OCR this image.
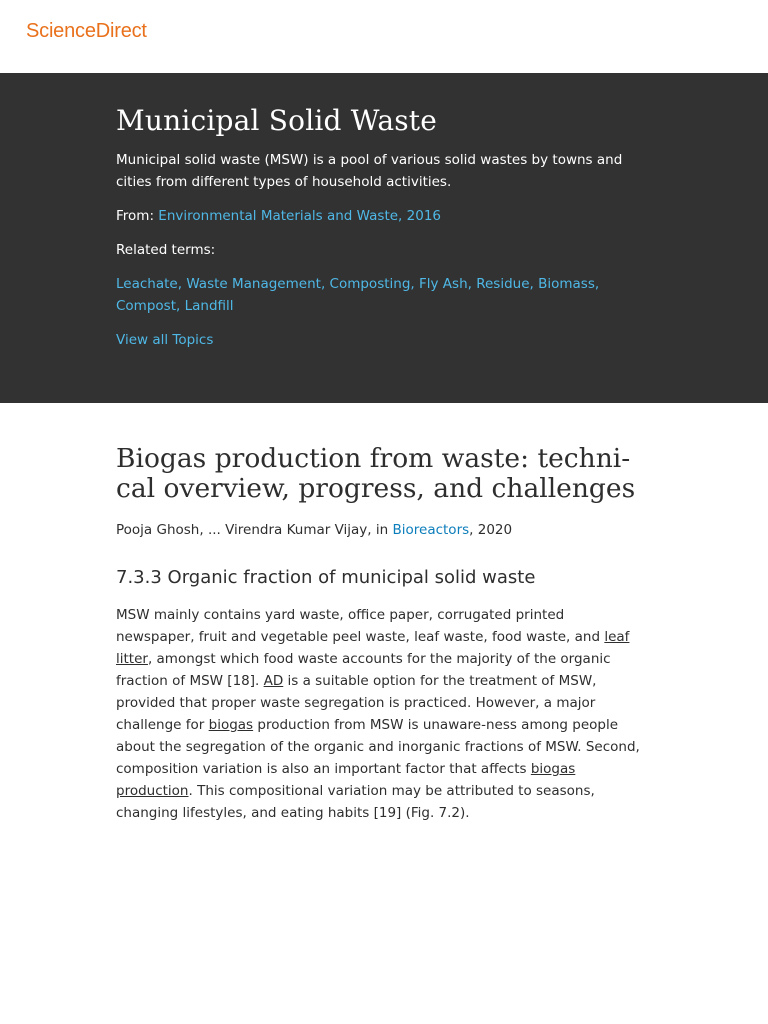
ScienceDirect
Municipal Solid Waste

Municipal solid waste (MSW) is a pool of various solid wastes by towns and cities from different types of household activities.

From: Environmental Materials and Waste, 2016

Related terms:

Leachate, Waste Management, Composting, Fly Ash, Residue, Biomass, Compost, Landfill

View all Topics

Biogas production from waste: techni-cal overview, progress, and challenges

Pooja Ghosh, ... Virendra Kumar Vijay, in Bioreactors, 2020

7.3.3 Organic fraction of municipal solid waste

MSW mainly contains yard waste, office paper, corrugated printed newspaper, fruit and vegetable peel waste, leaf waste, food waste, and leaf litter, amongst which food waste accounts for the majority of the organic fraction of MSW [18]. AD is a suitable option for the treatment of MSW, provided that proper waste segregation is practiced. However, a major challenge for biogas production from MSW is unaware-ness among people about the segregation of the organic and inorganic fractions of MSW. Second, composition variation is also an important factor that affects biogas production. This compositional variation may be attributed to seasons, changing lifestyles, and eating habits [19] (Fig. 7.2).
